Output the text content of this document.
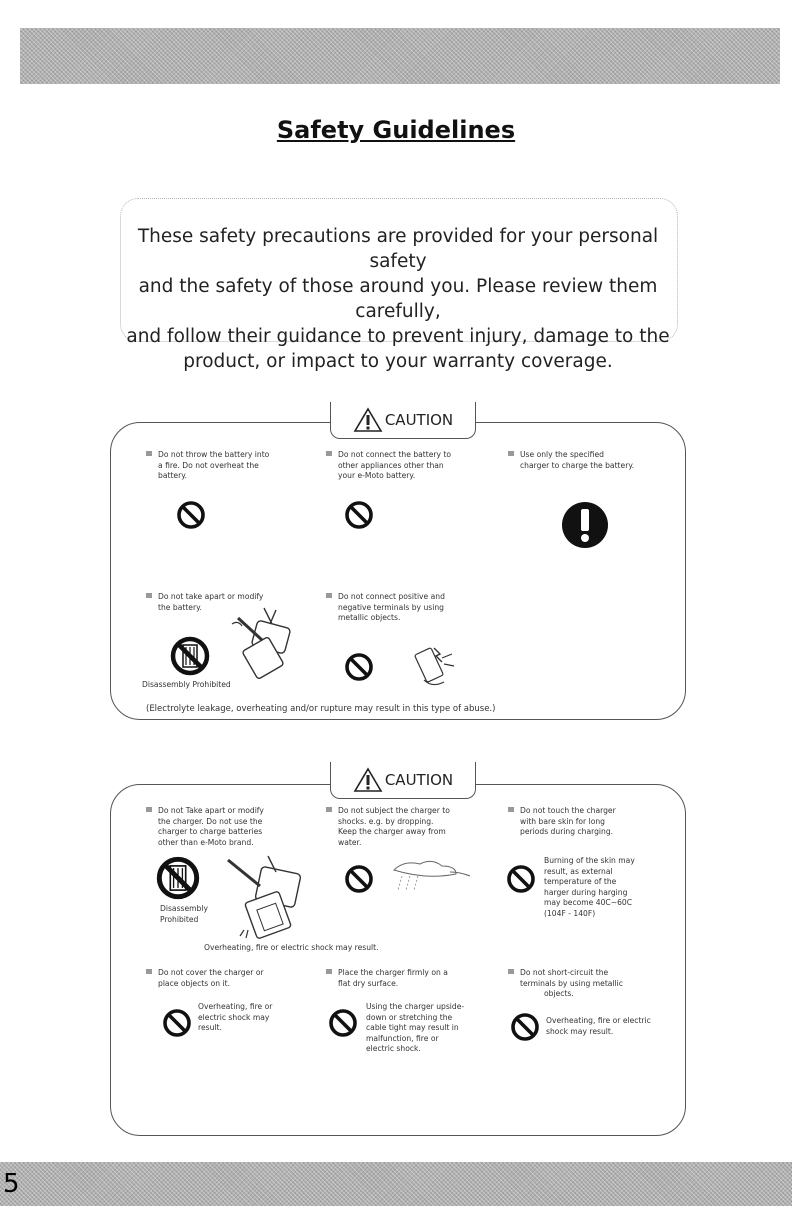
5
Safety Guidelines
These safety precautions are provided for your personal safety
and the safety of those around you. Please review them carefully,
and follow their guidance to prevent injury, damage to the
product, or impact to your warranty coverage.
CAUTION
Do not throw the battery into
a fire. Do not overheat the
battery.
Do not connect the battery to
other appliances other than
your e-Moto battery.
Use only the specified
charger to charge the battery.
Do not take apart or modify
the battery.
Disassembly Prohibited
Do not connect positive and
negative terminals by using
metallic objects.
(Electrolyte leakage, overheating and/or rupture may result in this type of abuse.)
CAUTION
Do not Take apart or modify
the charger. Do not use the
charger to charge batteries
other than e-Moto brand.
Disassembly
Prohibited
Overheating, fire or electric shock may result.
Do not subject the charger to
shocks. e.g. by dropping.
Keep the charger away from
water.
Do not touch the charger
with bare skin for long
periods during charging.
Burning of the skin may
result, as external
temperature of the
harger during harging
may become 40C~60C
(104F - 140F)
Do not cover the charger or
place objects on it.
Overheating, fire or
electric shock may
result.
Place the charger firmly on a
flat dry surface.
Using the charger upside-
down or stretching the
cable tight may result in
malfunction, fire or
electric shock.
Do not short-circuit the
terminals by using metallic
objects.
Overheating, fire or electric
shock may result.
